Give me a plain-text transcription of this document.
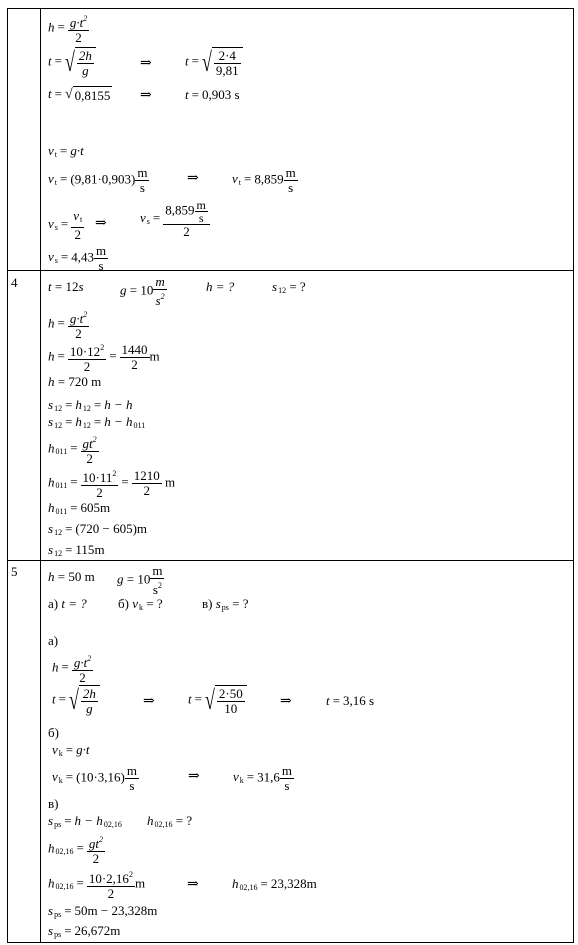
$h = \frac{g\cdot t^2}{2}$
t = √ $\frac{2h}{g}$	⇒	t = √ $\frac{2\cdot 4}{9,81}$
t = √ 0,8155 ⇒	t = 0,903 s
$v_t = g\cdot t$
$v_t = (9,81\cdot 0,903) \frac{m}{s}$	⇒	$v_t = 8,859 \frac{m}{s}$
$v_s = \frac{v_t}{2}$ ⇒	$v_s = \frac{8,859 \frac{m}{s}}{2}$
$v_s = 4,43 \frac{m}{s}$
4 t = 12s	$g = 10 \frac{m}{s^2}$	h = ?	$s_{12}$ = ?
$h = \frac{g\cdot t^2}{2}$
$h = \frac{10\cdot 12^2}{2} = \frac{1440}{2}$ m
h = 720 m
$s_{12} = h_{12} = h - h$
$s_{12} = h_{12} = h - h_{011}$
$h_{011} = \frac{gt^2}{2}$
$h_{011} = \frac{10\cdot 11^2}{2} = \frac{1210}{2}$ m
$h_{011} = 605m$
$s_{12} = (720 - 605)m$
$s_{12} = 115m$
5 h = 50 m $g = 10 \frac{m}{s^2}$
а) t = ? б) $v_k$ = ?	в) $s_{ps}$ = ?
а)
$h = \frac{g\cdot t^2}{2}$
t = √ $\frac{2h}{g}$	⇒	t = √ $\frac{2\cdot 50}{10}$	⇒	t = 3,16 s
б)
$v_k = g\cdot t$
$v_k = (10\cdot 3,16) \frac{m}{s}$	⇒	$v_k = 31,6 \frac{m}{s}$
в)
$s_{ps} = h - h_{02,16}$ $h_{02,16}$ = ?
$h_{02,16} = \frac{gt^2}{2}$
$h_{02,16} = \frac{10\cdot 2,16^2}{2}$ m	⇒	$h_{02,16} = 23,328m$
$s_{ps} = 50m - 23,328m$
$s_{ps} = 26,672m$
